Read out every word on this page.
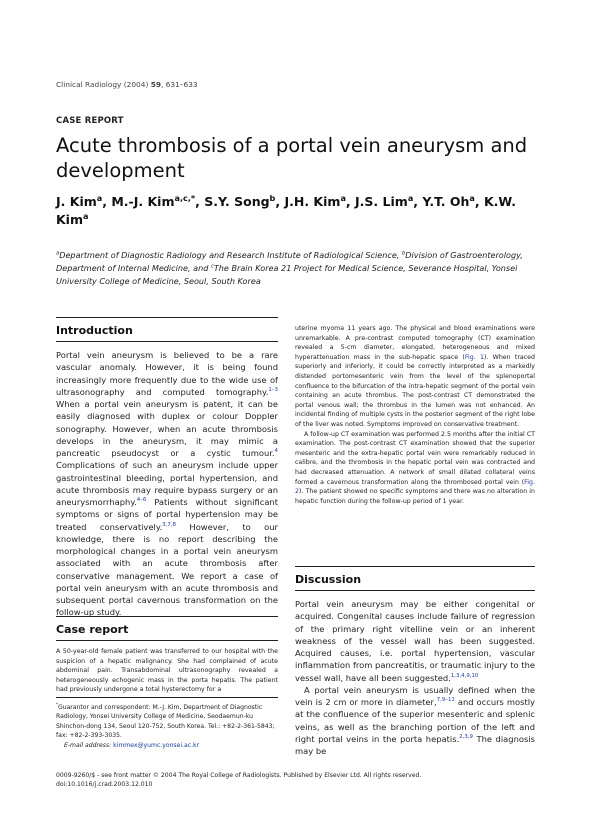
Clinical Radiology (2004) 59, 631–633
CASE REPORT
Acute thrombosis of a portal vein aneurysm and development
J. Kim$^a$, M.-J. Kim$^{a,c,*}$, S.Y. Song$^b$, J.H. Kim$^a$, J.S. Lim$^a$, Y.T. Oh$^a$, K.W. Kim$^a$
$^a$Department of Diagnostic Radiology and Research Institute of Radiological Science, $^b$Division of Gastroenterology, Department of Internal Medicine, and $^c$The Brain Korea 21 Project for Medical Science, Severance Hospital, Yonsei University College of Medicine, Seoul, South Korea
Introduction
Portal vein aneurysm is believed to be a rare vascular anomaly. However, it is being found increasingly more frequently due to the wide use of ultrasonography and computed tomography.$^{1-3}$ When a portal vein aneurysm is patent, it can be easily diagnosed with duplex or colour Doppler sonography. However, when an acute thrombosis develops in the aneurysm, it may mimic a pancreatic pseudocyst or a cystic tumour.$^4$ Complications of such an aneurysm include upper gastrointestinal bleeding, portal hypertension, and acute thrombosis may require bypass surgery or an aneurysmorrhaphy.$^{4-6}$ Patients without significant symptoms or signs of portal hypertension may be treated conservatively.$^{3,7,8}$ However, to our knowledge, there is no report describing the morphological changes in a portal vein aneurysm associated with an acute thrombosis after conservative management. We report a case of portal vein aneurysm with an acute thrombosis and subsequent portal cavernous transformation on the follow-up study.
Case report
A 50-year-old female patient was transferred to our hospital with the suspicion of a hepatic malignancy. She had complained of acute abdominal pain. Transabdominal ultrasonography revealed a heterogeneously echogenic mass in the porta hepatis. The patient had previously undergone a total hysterectomy for a

*Guarantor and correspondent: M.-J. Kim, Department of Diagnostic Radiology, Yonsei University College of Medicine, Seodaemun-ku Shinchon-dong 134, Seoul 120-752, South Korea. Tel.: +82-2-361-5843; fax: +82-2-393-3035.

E-mail address: kimmex@yumc.yonsei.ac.kr

uterine myoma 11 years ago. The physical and blood examinations were unremarkable. A pre-contrast computed tomography (CT) examination revealed a 5-cm diameter, elongated, heterogeneous and mixed hyperattenuation mass in the sub-hepatic space (Fig. 1). When traced superiorly and inferiorly, it could be correctly interpreted as a markedly distended portomesenteric vein from the level of the splenoportal confluence to the bifurcation of the intra-hepatic segment of the portal vein containing an acute thrombus. The post-contrast CT demonstrated the portal venous wall; the thrombus in the lumen was not enhanced. An incidental finding of multiple cysts in the posterior segment of the right lobe of the liver was noted. Symptoms improved on conservative treatment.

A follow-up CT examination was performed 2.5 months after the initial CT examination. The post-contrast CT examination showed that the superior mesenteric and the extra-hepatic portal vein were remarkably reduced in calibre, and the thrombosis in the hepatic portal vein was contracted and had decreased attenuation. A network of small dilated collateral veins formed a cavernous transformation along the thrombosed portal vein (Fig. 2). The patient showed no specific symptoms and there was no alteration in hepatic function during the follow-up period of 1 year.

Discussion

Portal vein aneurysm may be either congenital or acquired. Congenital causes include failure of regression of the primary right vitelline vein or an inherent weakness of the vessel wall has been suggested. Acquired causes, i.e. portal hypertension, vascular inflammation from pancreatitis, or traumatic injury to the vessel wall, have all been suggested.$^{1,3,4,9,10}$

A portal vein aneurysm is usually defined when the vein is 2 cm or more in diameter,$^{7,9-11}$ and occurs mostly at the confluence of the superior mesenteric and splenic veins, as well as the branching portion of the left and right portal veins in the porta hepatis.$^{2,3,9}$ The diagnosis may be

0009-9260/$ - see front matter © 2004 The Royal College of Radiologists. Published by Elsevier Ltd. All rights reserved.

doi:10.1016/j.crad.2003.12.010
